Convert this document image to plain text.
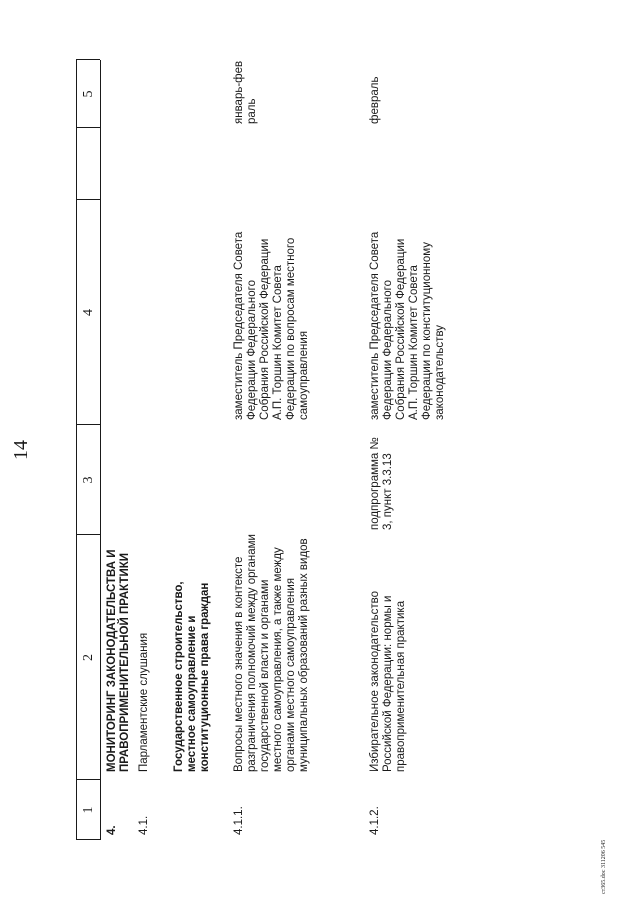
14
1
2
3
4
5
4.
МОНИТОРИНГ ЗАКОНОДАТЕЛЬСТВА И ПРАВОПРИМЕНИТЕЛЬНОЙ ПРАКТИКИ
4.1.
Парламентские слушания Государственное строительство, местное самоуправление и конституционные права граждан
4.1.1.
Вопросы местного значения в контексте разграничения полномочий между органами государственной власти и органами местного самоуправления, а также между органами местного самоуправления муниципальных образований разных видов
заместитель Председателя Совета Федерации Федерального Собрания Российской Федерации А.П. Торшин Комитет Совета Федерации по вопросам местного самоуправления
январь-февраль
4.1.2.
Избирательное законодательство Российской Федерации: нормы и правоприменительная практика
подпрограмма № 3, пункт 3.3.13
заместитель Председателя Совета Федерации Федерального Собрания Российской Федерации А.П. Торшин Комитет Совета Федерации по конституционному законодательству
февраль
ст365.doc 311206 545
